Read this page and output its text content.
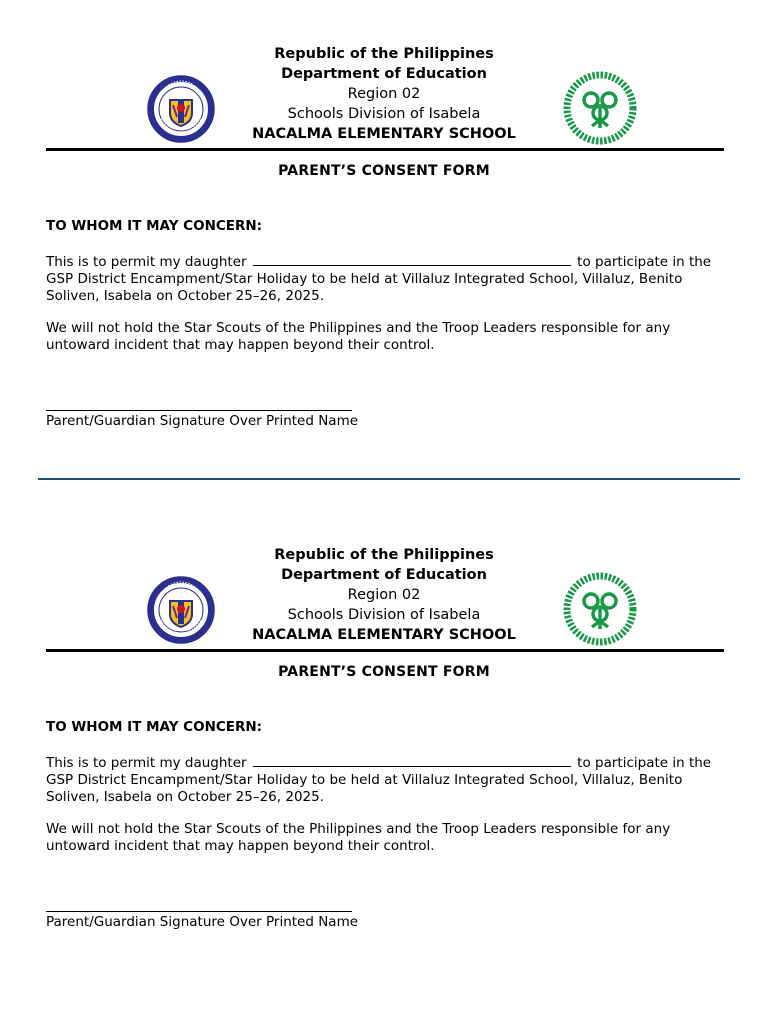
Republic of the Philippines
Department of Education
Region 02
Schools Division of Isabela
NACALMA ELEMENTARY SCHOOL
PARENT’S CONSENT FORM
TO WHOM IT MAY CONCERN:
This is to permit my daughter	to participate in the GSP District Encampment/Star Holiday to be held at Villaluz Integrated School, Villaluz, Benito Soliven, Isabela on October 25–26, 2025.
We will not hold the Star Scouts of the Philippines and the Troop Leaders responsible for any untoward incident that may happen beyond their control.
Parent/Guardian Signature Over Printed Name
Republic of the Philippines
Department of Education
Region 02
Schools Division of Isabela
NACALMA ELEMENTARY SCHOOL
PARENT’S CONSENT FORM
TO WHOM IT MAY CONCERN:
This is to permit my daughter	to participate in the GSP District Encampment/Star Holiday to be held at Villaluz Integrated School, Villaluz, Benito Soliven, Isabela on October 25–26, 2025.
We will not hold the Star Scouts of the Philippines and the Troop Leaders responsible for any untoward incident that may happen beyond their control.
Parent/Guardian Signature Over Printed Name
